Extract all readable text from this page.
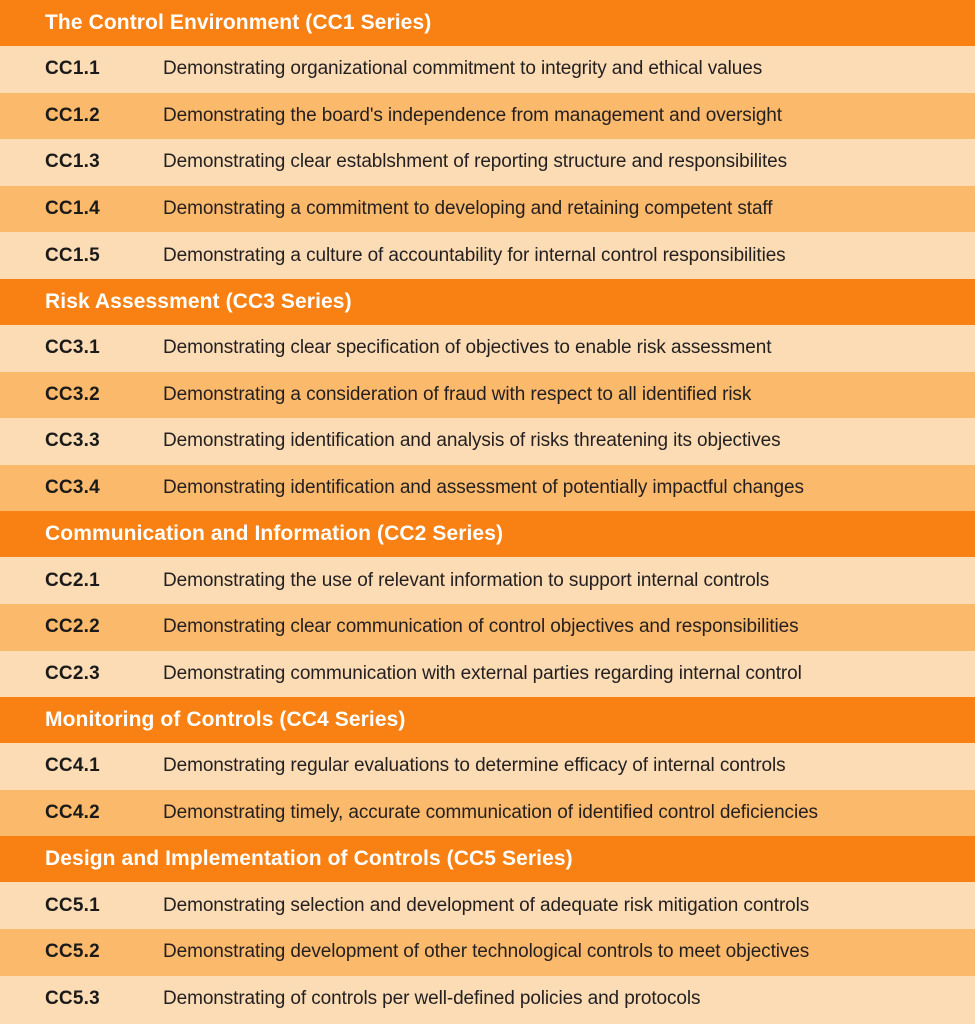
The Control Environment (CC1 Series)
CC1.1	Demonstrating organizational commitment to integrity and ethical values
CC1.2	Demonstrating the board's independence from management and oversight
CC1.3	Demonstrating clear establshment of reporting structure and responsibilites
CC1.4	Demonstrating a commitment to developing and retaining competent staff
CC1.5	Demonstrating a culture of accountability for internal control responsibilities
Risk Assessment (CC3 Series)
CC3.1	Demonstrating clear specification of objectives to enable risk assessment
CC3.2	Demonstrating a consideration of fraud with respect to all identified risk
CC3.3	Demonstrating identification and analysis of risks threatening its objectives
CC3.4	Demonstrating identification and assessment of potentially impactful changes
Communication and Information (CC2 Series)
CC2.1	Demonstrating the use of relevant information to support internal controls
CC2.2	Demonstrating clear communication of control objectives and responsibilities
CC2.3	Demonstrating communication with external parties regarding internal control
Monitoring of Controls (CC4 Series)
CC4.1	Demonstrating regular evaluations to determine efficacy of internal controls
CC4.2	Demonstrating timely, accurate communication of identified control deficiencies
Design and Implementation of Controls (CC5 Series)
CC5.1	Demonstrating selection and development of adequate risk mitigation controls
CC5.2	Demonstrating development of other technological controls to meet objectives
CC5.3	Demonstrating of controls per well-defined policies and protocols
